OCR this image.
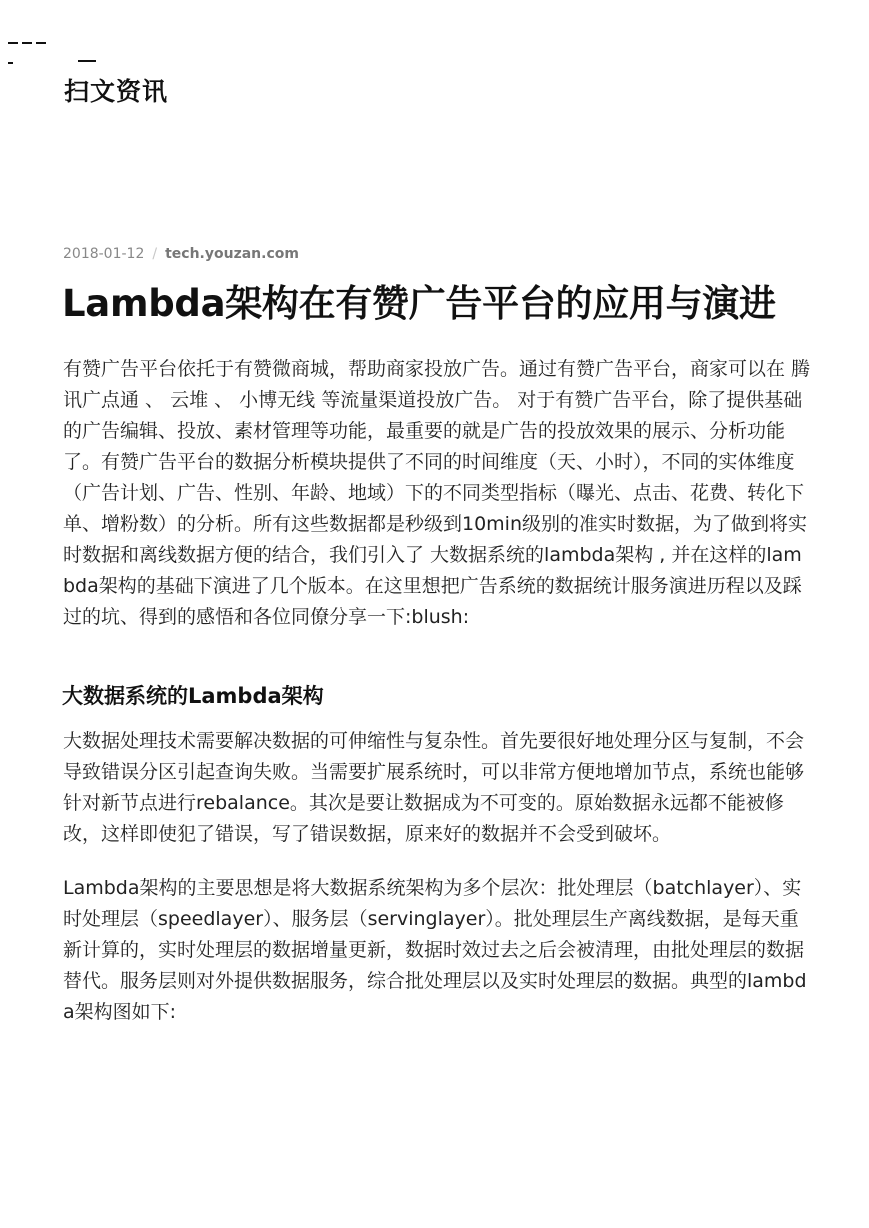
扫文资讯
2018-01-12 / tech.youzan.com
Lambda架构在有赞广告平台的应用与演进

有赞广告平台依托于有赞微商城，帮助商家投放广告。通过有赞广告平台，商家可以在 腾讯广点通 、 云堆 、 小博无线 等流量渠道投放广告。 对于有赞广告平台，除了提供基础的广告编辑、投放、素材管理等功能，最重要的就是广告的投放效果的展示、分析功能了。有赞广告平台的数据分析模块提供了不同的时间维度（天、小时），不同的实体维度（广告计划、广告、性别、年龄、地域）下的不同类型指标（曝光、点击、花费、转化下单、增粉数）的分析。所有这些数据都是秒级到10min级别的准实时数据，为了做到将实时数据和离线数据方便的结合，我们引入了 大数据系统的lambda架构 , 并在这样的lambda架构的基础下演进了几个版本。在这里想把广告系统的数据统计服务演进历程以及踩过的坑、得到的感悟和各位同僚分享一下:blush:

大数据系统的Lambda架构

大数据处理技术需要解决数据的可伸缩性与复杂性。首先要很好地处理分区与复制，不会导致错误分区引起查询失败。当需要扩展系统时，可以非常方便地增加节点，系统也能够针对新节点进行rebalance。其次是要让数据成为不可变的。原始数据永远都不能被修改，这样即使犯了错误，写了错误数据，原来好的数据并不会受到破坏。

Lambda架构的主要思想是将大数据系统架构为多个层次：批处理层（batchlayer）、实时处理层（speedlayer）、服务层（servinglayer）。批处理层生产离线数据，是每天重新计算的，实时处理层的数据增量更新，数据时效过去之后会被清理，由批处理层的数据替代。服务层则对外提供数据服务，综合批处理层以及实时处理层的数据。典型的lambda架构图如下:
